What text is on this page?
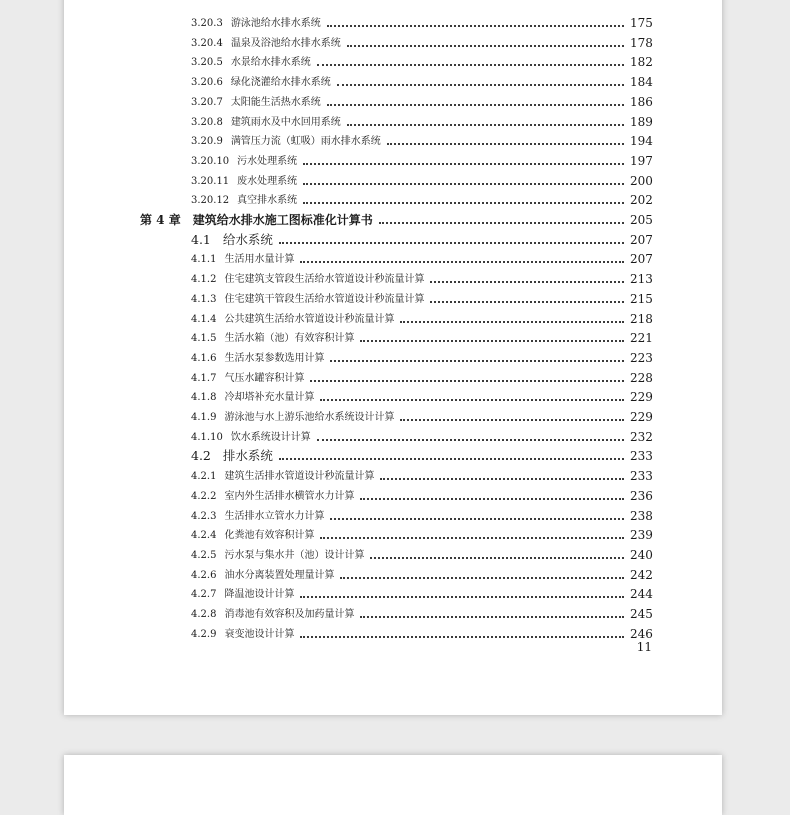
3.20.3 游泳池给水排水系统	175
3.20.4 温泉及浴池给水排水系统	178
3.20.5 水景给水排水系统	182
3.20.6 绿化浇灌给水排水系统	184
3.20.7 太阳能生活热水系统	186
3.20.8 建筑雨水及中水回用系统	189
3.20.9 满管压力流（虹吸）雨水排水系统	194
3.20.10 污水处理系统	197
3.20.11 废水处理系统	200
3.20.12 真空排水系统	202
第 4 章 建筑给水排水施工图标准化计算书	205
4.1 给水系统	207
4.1.1 生活用水量计算	207
4.1.2 住宅建筑支管段生活给水管道设计秒流量计算	213
4.1.3 住宅建筑干管段生活给水管道设计秒流量计算	215
4.1.4 公共建筑生活给水管道设计秒流量计算	218
4.1.5 生活水箱（池）有效容积计算	221
4.1.6 生活水泵参数选用计算	223
4.1.7 气压水罐容积计算	228
4.1.8 冷却塔补充水量计算	229
4.1.9 游泳池与水上游乐池给水系统设计计算	229
4.1.10 饮水系统设计计算	232
4.2 排水系统	233
4.2.1 建筑生活排水管道设计秒流量计算	233
4.2.2 室内外生活排水横管水力计算	236
4.2.3 生活排水立管水力计算	238
4.2.4 化粪池有效容积计算	239
4.2.5 污水泵与集水井（池）设计计算	240
4.2.6 油水分离装置处理量计算	242
4.2.7 降温池设计计算	244
4.2.8 消毒池有效容积及加药量计算	245
4.2.9 衰变池设计计算	246
11
